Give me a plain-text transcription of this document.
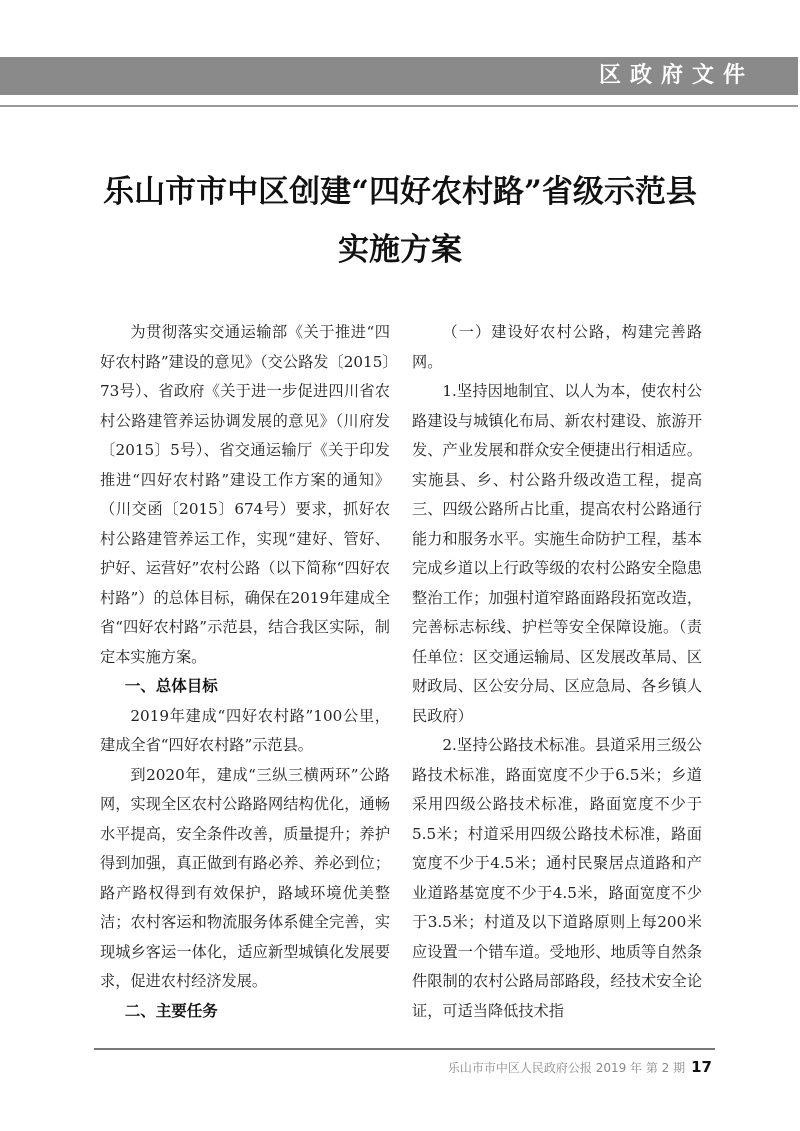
区政府文件
乐山市市中区创建“四好农村路”省级示范县
实施方案

为贯彻落实交通运输部《关于推进“四好农村路”建设的意见》（交公路发〔2015〕73号）、省政府《关于进一步促进四川省农村公路建管养运协调发展的意见》（川府发〔2015〕5号）、省交通运输厅《关于印发推进“四好农村路”建设工作方案的通知》（川交函〔2015〕674号）要求，抓好农村公路建管养运工作，实现“建好、管好、护好、运营好”农村公路（以下简称“四好农村路”）的总体目标，确保在2019年建成全省“四好农村路”示范县，结合我区实际，制定本实施方案。

一、总体目标

2019年建成“四好农村路”100公里，建成全省“四好农村路”示范县。

到2020年，建成“三纵三横两环”公路网，实现全区农村公路路网结构优化，通畅水平提高，安全条件改善，质量提升；养护得到加强，真正做到有路必养、养必到位；路产路权得到有效保护，路域环境优美整洁；农村客运和物流服务体系健全完善，实现城乡客运一体化，适应新型城镇化发展要求，促进农村经济发展。

二、主要任务

（一）建设好农村公路，构建完善路网。

1.坚持因地制宜、以人为本，使农村公路建设与城镇化布局、新农村建设、旅游开发、产业发展和群众安全便捷出行相适应。实施县、乡、村公路升级改造工程，提高三、四级公路所占比重，提高农村公路通行能力和服务水平。实施生命防护工程，基本完成乡道以上行政等级的农村公路安全隐患整治工作；加强村道窄路面路段拓宽改造，完善标志标线、护栏等安全保障设施。（责任单位：区交通运输局、区发展改革局、区财政局、区公安分局、区应急局、各乡镇人民政府）

2.坚持公路技术标准。县道采用三级公路技术标准，路面宽度不少于6.5米；乡道采用四级公路技术标准，路面宽度不少于5.5米；村道采用四级公路技术标准，路面宽度不少于4.5米；通村民聚居点道路和产业道路基宽度不少于4.5米，路面宽度不少于3.5米；村道及以下道路原则上每200米应设置一个错车道。受地形、地质等自然条件限制的农村公路局部路段，经技术安全论证，可适当降低技术指

乐山市市中区人民政府公报 2019 年 第 2 期 17
